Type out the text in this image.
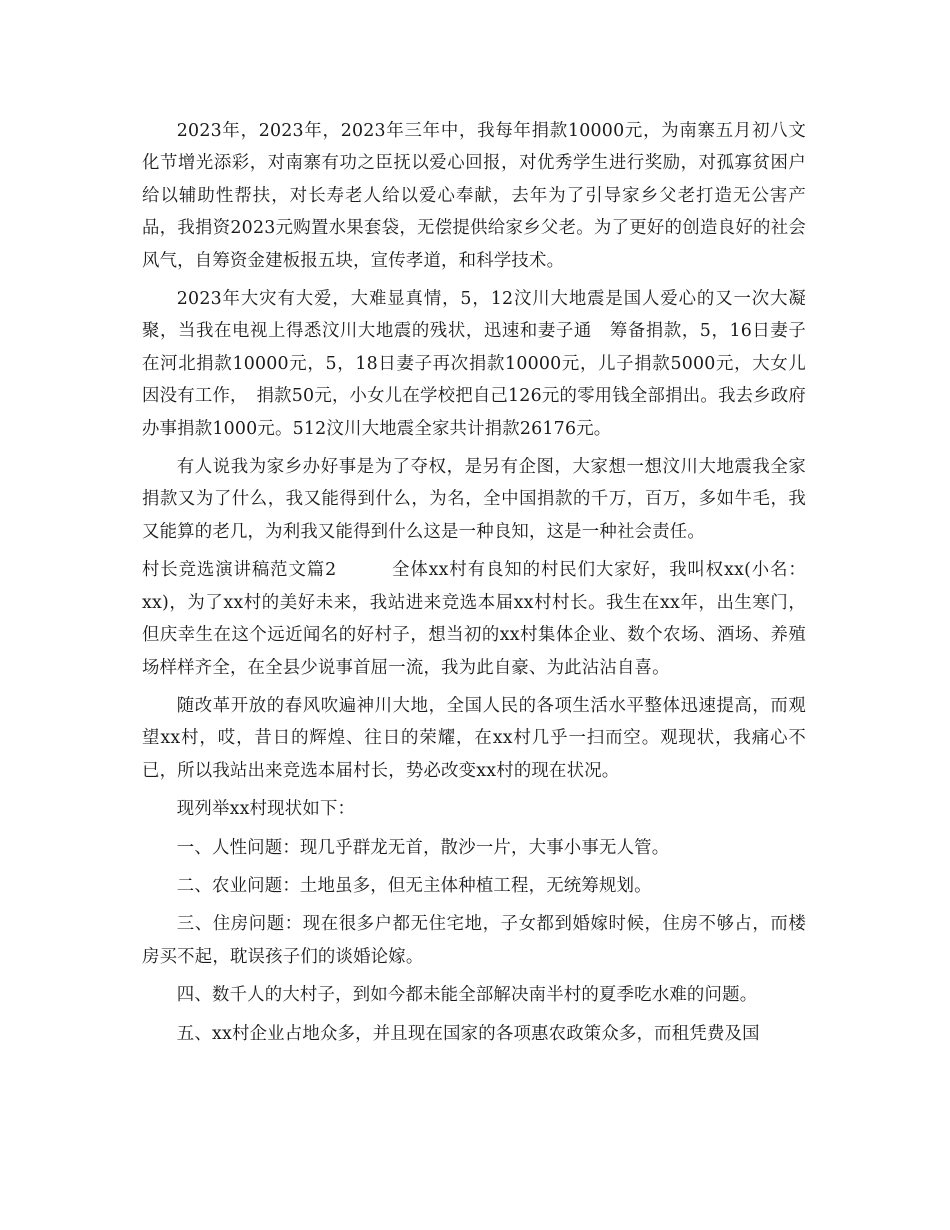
2023年，2023年，2023年三年中，我每年捐款10000元，为南寨五月初八文化节增光添彩，对南寨有功之臣抚以爱心回报，对优秀学生进行奖励，对孤寡贫困户给以辅助性帮扶，对长寿老人给以爱心奉献，去年为了引导家乡父老打造无公害产品，我捐资2023元购置水果套袋，无偿提供给家乡父老。为了更好的创造良好的社会风气，自筹资金建板报五块，宣传孝道，和科学技术。

2023年大灾有大爱，大难显真情，5，12汶川大地震是国人爱心的又一次大凝聚，当我在电视上得悉汶川大地震的残状，迅速和妻子通　筹备捐款，5，16日妻子在河北捐款10000元，5，18日妻子再次捐款10000元，儿子捐款5000元，大女儿因没有工作，　捐款50元，小女儿在学校把自己126元的零用钱全部捐出。我去乡政府办事捐款1000元。512汶川大地震全家共计捐款26176元。

有人说我为家乡办好事是为了夺权，是另有企图，大家想一想汶川大地震我全家捐款又为了什么，我又能得到什么，为名，全中国捐款的千万，百万，多如牛毛，我又能算的老几，为利我又能得到什么这是一种良知，这是一种社会责任。

村长竞选演讲稿范文篇2　　　	全体xx村有良知的村民们大家好，我叫权xx(小名：xx)，为了xx村的美好未来，我站进来竞选本届xx村村长。我生在xx年，出生寒门，但庆幸生在这个远近闻名的好村子，想当初的xx村集体企业、数个农场、酒场、养殖场样样齐全，在全县少说事首屈一流，我为此自豪、为此沾沾自喜。

随改革开放的春风吹遍神川大地，全国人民的各项生活水平整体迅速提高，而观望xx村，哎，昔日的辉煌、往日的荣耀，在xx村几乎一扫而空。观现状，我痛心不已，所以我站出来竞选本届村长，势必改变xx村的现在状况。

现列举xx村现状如下：

一、人性问题：现几乎群龙无首，散沙一片，大事小事无人管。

二、农业问题：土地虽多，但无主体种植工程，无统筹规划。

三、住房问题：现在很多户都无住宅地，子女都到婚嫁时候，住房不够占，而楼房买不起，耽误孩子们的谈婚论嫁。

四、数千人的大村子，到如今都未能全部解决南半村的夏季吃水难的问题。

五、xx村企业占地众多，并且现在国家的各项惠农政策众多，而租凭费及国
